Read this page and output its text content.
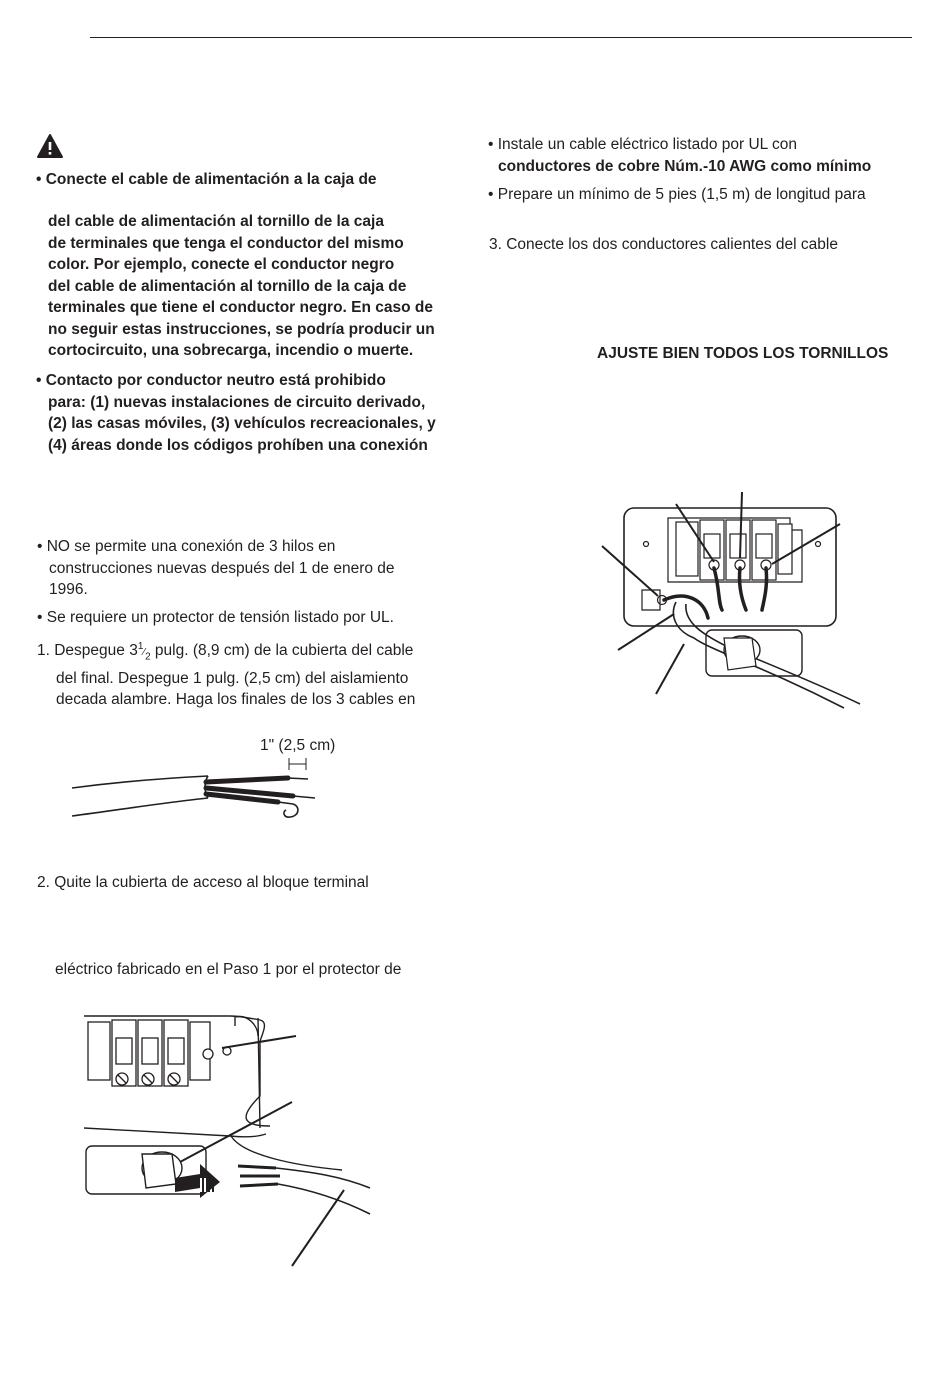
• Conecte el cable de alimentación a la caja de
del cable de alimentación al tornillo de la caja
de terminales que tenga el conductor del mismo
color. Por ejemplo, conecte el conductor negro
del cable de alimentación al tornillo de la caja de
terminales que tiene el conductor negro. En caso de
no seguir estas instrucciones, se podría producir un
cortocircuito, una sobrecarga, incendio o muerte.
• Contacto por conductor neutro está prohibido
para: (1) nuevas instalaciones de circuito derivado,
(2) las casas móviles, (3) vehículos recreacionales, y
(4) áreas donde los códigos prohíben una conexión
• NO se permite una conexión de 3 hilos en
construcciones nuevas después del 1 de enero de
1996.
• Se requiere un protector de tensión listado por UL.
1. Despegue $3^1⁄_2$ pulg. (8,9 cm) de la cubierta del cable
del final. Despegue 1 pulg. (2,5 cm) del aislamiento
decada alambre. Haga los finales de los 3 cables en
1" (2,5 cm)
2. Quite la cubierta de acceso al bloque terminal
eléctrico fabricado en el Paso 1 por el protector de
• Instale un cable eléctrico listado por UL con
conductores de cobre Núm.-10 AWG como mínimo
• Prepare un mínimo de 5 pies (1,5 m) de longitud para
3. Conecte los dos conductores calientes del cable
AJUSTE BIEN TODOS LOS TORNILLOS
